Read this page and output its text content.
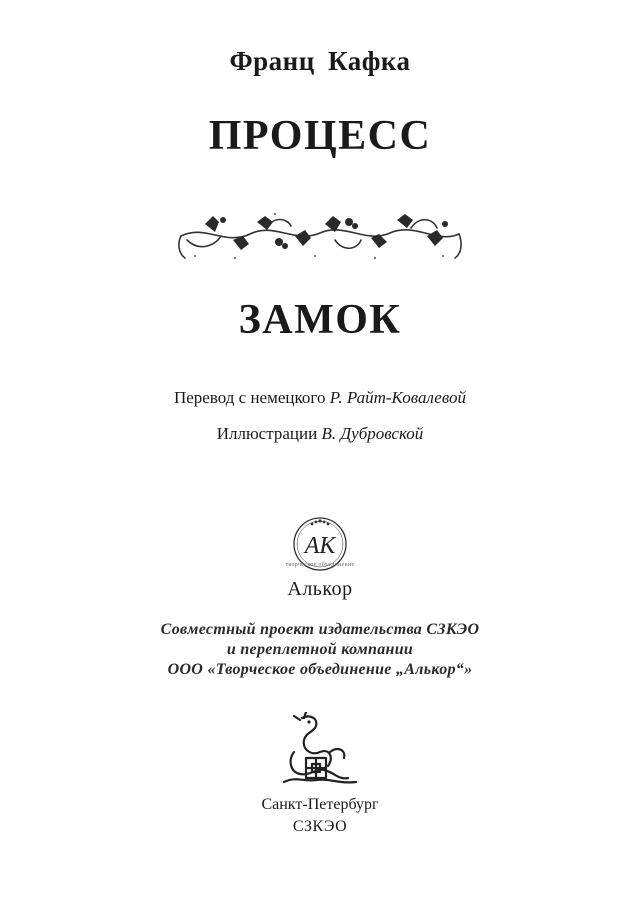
Франц Кафка
ПРОЦЕСС
ЗАМОК
Перевод с немецкого Р. Райт-Ковалевой
Иллюстрации В. Дубровской
АК
творческое объединение
Алькор
Совместный проект издательства СЗКЭО
и переплетной компании
ООО «Творческое объединение „Алькор“»
Санкт-Петербург
СЗКЭО
